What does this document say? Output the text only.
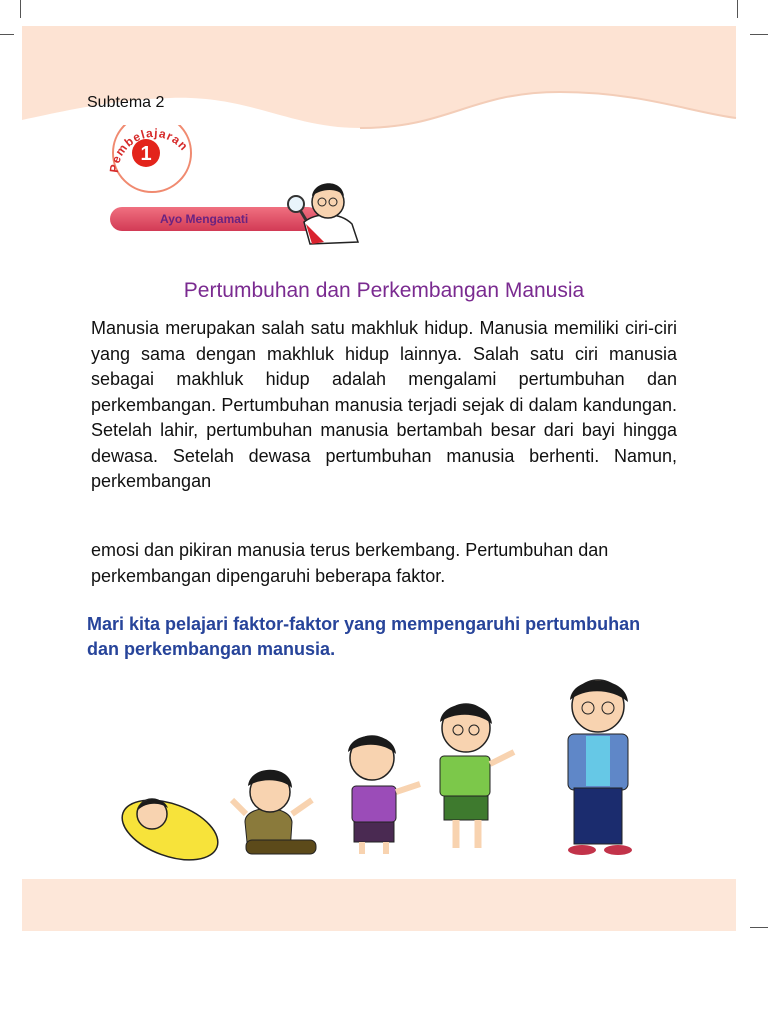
Subtema 2
1
Pembelajaran
Ayo Mengamati
Pertumbuhan dan Perkembangan Manusia
Manusia merupakan salah satu makhluk hidup. Manusia memiliki ciri-ciri yang sama dengan makhluk hidup lainnya. Salah satu ciri manusia sebagai makhluk hidup adalah mengalami pertumbuhan dan perkembangan. Pertumbuhan manusia terjadi sejak di dalam kandungan. Setelah lahir, pertumbuhan manusia bertambah besar dari bayi hingga dewasa. Setelah dewasa pertumbuhan manusia berhenti. Namun, perkembangan
emosi dan pikiran manusia terus berkembang. Pertumbuhan dan perkembangan dipengaruhi beberapa faktor.
Mari kita pelajari faktor-faktor yang mempengaruhi pertumbuhan dan perkembangan manusia.
